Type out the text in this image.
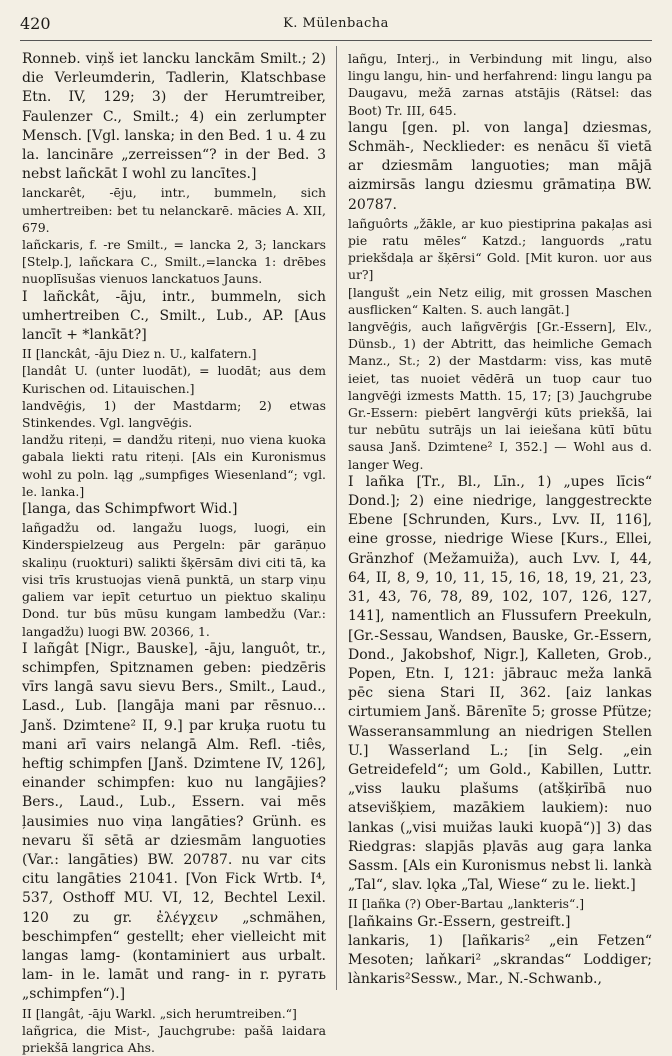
420	K. Mülenbacha

Ronneb. viņš iet lancku lanckām Smilt.; 2) die Verleumderin, Tadlerin, Klatschbase Etn. IV, 129; 3) der Herumtreiber, Faulenzer C., Smilt.; 4) ein zerlumpter Mensch. [Vgl. lanska; in den Bed. 1 u. 4 zu la. lancināre „zerreissen“? in der Bed. 3 nebst lañckāt I wohl zu lancītes.]

lanckarêt, -ēju, intr., bummeln, sich umhertreiben: bet tu nelanckarē. mācies A. XII, 679.

lañckaris, f. -re Smilt., = lancka 2, 3; lanckars [Stelp.], lañckara C., Smilt.,=lancka 1: drēbes nuoplīsušas vienuos lanckatuos Jauns.

I lañckât, -āju, intr., bummeln, sich umhertreiben C., Smilt., Lub., AP. [Aus lancīt + *lankāt?]

II [lanckât, -āju Diez n. U., kalfatern.]

[landât U. (unter luodāt), = luodāt; aus dem Kurischen od. Litauischen.]

landvēģis, 1) der Mastdarm; 2) etwas Stinkendes. Vgl. langvēģis.

landžu riteņi, = dandžu riteņi, nuo viena kuoka gabala liekti ratu riteņi. [Als ein Kuronismus wohl zu poln. ląg „sumpfiges Wiesenland“; vgl. le. lanka.]

[langa, das Schimpfwort Wid.]

lañgadžu od. langažu luogs, luogi, ein Kinderspielzeug aus Pergeln: pār garāņuo skaliņu (ruokturi) salikti šķērsām divi citi tā, ka visi trīs krustuojas vienā punktā, un starp viņu galiem var iepīt ceturtuo un piektuo skaliņu Dond. tur būs mūsu kungam lambedžu (Var.: langadžu) luogi BW. 20366, 1.

I lañgât [Nigr., Bauske], -āju, languôt, tr., schimpfen, Spitznamen geben: piedzēris vīrs langā savu sievu Bers., Smilt., Laud., Lasd., Lub. [langāja mani par rēsnuo... Janš. Dzimtene² II, 9.] par kruķa ruotu tu mani arī vairs nelangā Alm. Refl. -tiês, heftig schimpfen [Janš. Dzimtene IV, 126], einander schimpfen: kuo nu langājies? Bers., Laud., Lub., Essern. vai mēs ļausimies nuo viņa langāties? Grünh. es nevaru šī sētā ar dziesmām languoties (Var.: langāties) BW. 20787. nu var cits citu langāties 21041. [Von Fick Wrtb. I⁴, 537, Osthoff MU. VI, 12, Bechtel Lexil. 120 zu gr. ἐλέγχειν „schmähen, beschimpfen“ gestellt; eher vielleicht mit langas lamg- (kontaminiert aus urbalt. lam- in le. lamāt und rang- in r. ругать „schimpfen“).]

II [langât, -āju Warkl. „sich herumtreiben.“]

lañgrica, die Mist-, Jauchgrube: pašā laidara priekšā langrica Ahs.

lañgu, Interj., in Verbindung mit lingu, also lingu langu, hin- und herfahrend: lingu langu pa Daugavu, mežā zarnas atstājis (Rätsel: das Boot) Tr. III, 645.

langu [gen. pl. von langa] dziesmas, Schmäh-, Necklieder: es nenācu šī vietā ar dziesmām languoties; man mājā aizmirsās langu dziesmu grāmatiņa BW. 20787.

lañguôrts „žākle, ar kuo piestiprina pakaļas asi pie ratu mēles“ Katzd.; languords „ratu priekšdaļa ar šķērsi“ Gold. [Mit kuron. uor aus ur?]

[langušt „ein Netz eilig, mit grossen Maschen ausflicken“ Kalten. S. auch langāt.]

langvēģis, auch lañgvērģis [Gr.-Essern], Elv., Dünsb., 1) der Abtritt, das heimliche Gemach Manz., St.; 2) der Mastdarm: viss, kas mutē ieiet, tas nuoiet vēdērā un tuop caur tuo langvēģi izmests Matth. 15, 17; [3) Jauchgrube Gr.-Essern: piebērt langvērģi kūts priekšā, lai tur nebūtu sutrājs un lai ieiešana kūtī būtu sausa Janš. Dzimtene² I, 352.] — Wohl aus d. langer Weg.

I lañka [Tr., Bl., Līn., 1) „upes līcis“ Dond.]; 2) eine niedrige, langgestreckte Ebene [Schrunden, Kurs., Lvv. II, 116], eine grosse, niedrige Wiese [Kurs., Ellei, Gränzhof (Mežamuiža), auch Lvv. I, 44, 64, II, 8, 9, 10, 11, 15, 16, 18, 19, 21, 23, 31, 43, 76, 78, 89, 102, 107, 126, 127, 141], namentlich an Flussufern Preekuln, [Gr.-Sessau, Wandsen, Bauske, Gr.-Essern, Dond., Jakobshof, Nigr.], Kalleten, Grob., Popen, Etn. I, 121: jābrauc meža lankā pēc siena Stari II, 362. [aiz lankas cirtumiem Janš. Bārenīte 5; grosse Pfütze; Wasseransammlung an niedrigen Stellen U.] Wasserland L.; [in Selg. „ein Getreidefeld“; um Gold., Kabillen, Luttr. „viss lauku plašums (atšķirībā nuo atsevišķiem, mazākiem laukiem): nuo lankas („visi muižas lauki kuopā“)] 3) das Riedgras: slapjās pļavās aug gaŗa lanka Sassm. [Als ein Kuronismus nebst li. lankà „Tal“, slav. lǫka „Tal, Wiese“ zu le. liekt.]

II [lañka (?) Ober-Bartau „lankteris“.]

[lañkains Gr.-Essern, gestreift.]

lankaris, 1) [lañkaris² „ein Fetzen“ Mesoten; laňkari² „skrandas“ Loddiger; lànkaris²Sessw., Mar., N.-Schwanb.,
